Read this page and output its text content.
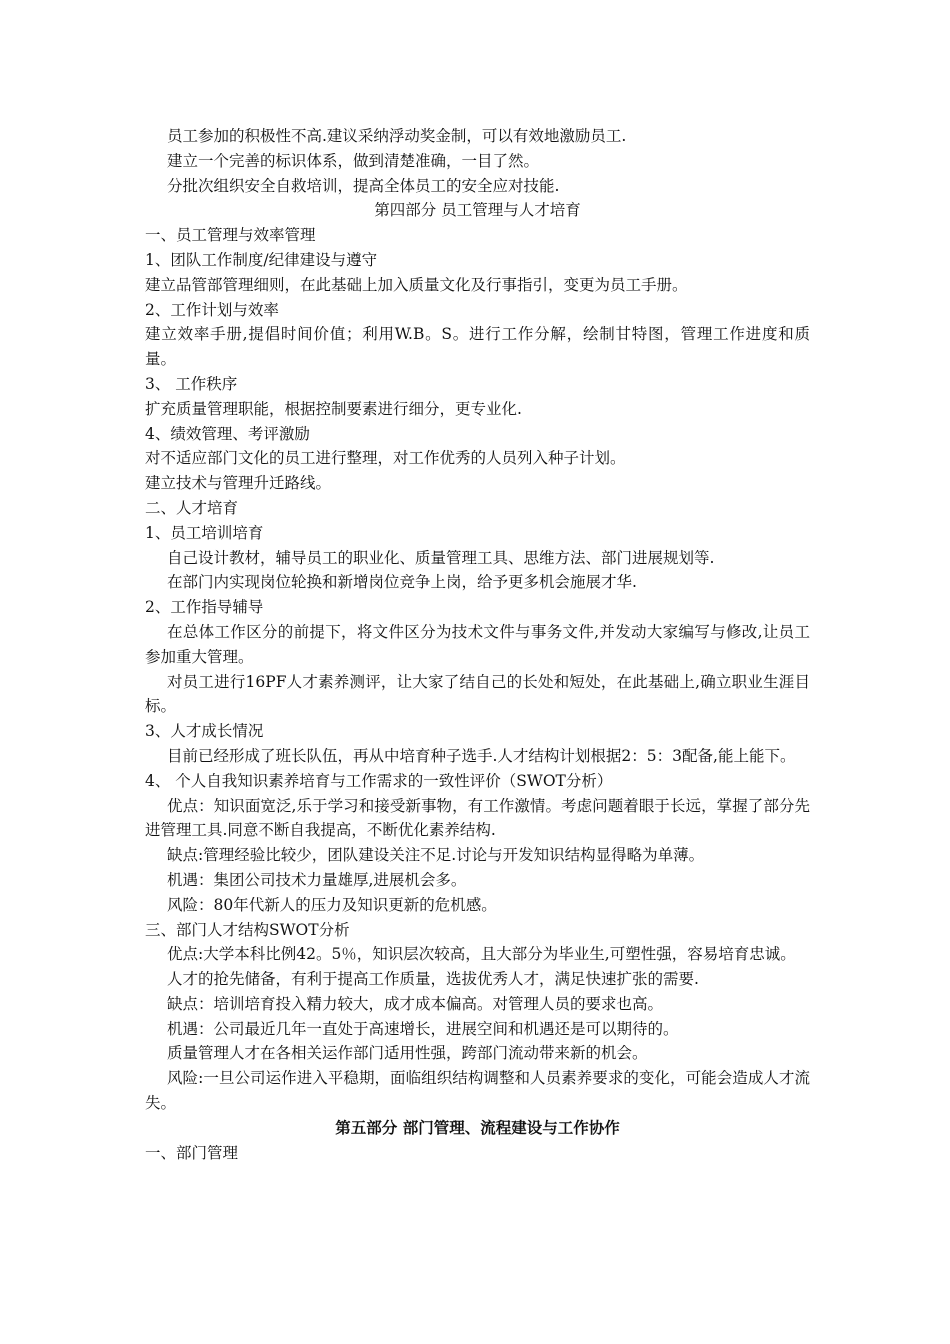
员工参加的积极性不高.建议采纳浮动奖金制，可以有效地激励员工.

建立一个完善的标识体系，做到清楚准确，一目了然。

分批次组织安全自救培训，提高全体员工的安全应对技能.

第四部分 员工管理与人才培育

一、员工管理与效率管理

1、团队工作制度/纪律建设与遵守

建立品管部管理细则，在此基础上加入质量文化及行事指引，变更为员工手册。

2、工作计划与效率

建立效率手册,提倡时间价值；利用W.B。S。进行工作分解，绘制甘特图，管理工作进度和质量。

3、 工作秩序

扩充质量管理职能，根据控制要素进行细分，更专业化.

4、绩效管理、考评激励

对不适应部门文化的员工进行整理，对工作优秀的人员列入种子计划。

建立技术与管理升迁路线。

二、人才培育

1、员工培训培育

自己设计教材，辅导员工的职业化、质量管理工具、思维方法、部门进展规划等.

在部门内实现岗位轮换和新增岗位竞争上岗，给予更多机会施展才华.

2、工作指导辅导

在总体工作区分的前提下，将文件区分为技术文件与事务文件,并发动大家编写与修改,让员工参加重大管理。

对员工进行16PF人才素养测评，让大家了结自己的长处和短处，在此基础上,确立职业生涯目标。

3、人才成长情况

目前已经形成了班长队伍，再从中培育种子选手.人才结构计划根据2：5：3配备,能上能下。

4、 个人自我知识素养培育与工作需求的一致性评价（SWOT分析）

优点：知识面宽泛,乐于学习和接受新事物，有工作激情。考虑问题着眼于长远，掌握了部分先进管理工具.同意不断自我提高，不断优化素养结构.

缺点:管理经验比较少，团队建设关注不足.讨论与开发知识结构显得略为单薄。

机遇：集团公司技术力量雄厚,进展机会多。

风险：80年代新人的压力及知识更新的危机感。

三、部门人才结构SWOT分析

优点:大学本科比例42。5％，知识层次较高，且大部分为毕业生,可塑性强，容易培育忠诚。

人才的抢先储备，有利于提高工作质量，选拔优秀人才，满足快速扩张的需要.

缺点：培训培育投入精力较大，成才成本偏高。对管理人员的要求也高。

机遇：公司最近几年一直处于高速增长，进展空间和机遇还是可以期待的。

质量管理人才在各相关运作部门适用性强，跨部门流动带来新的机会。

风险:一旦公司运作进入平稳期，面临组织结构调整和人员素养要求的变化，可能会造成人才流失。

第五部分 部门管理、流程建设与工作协作

一、部门管理
